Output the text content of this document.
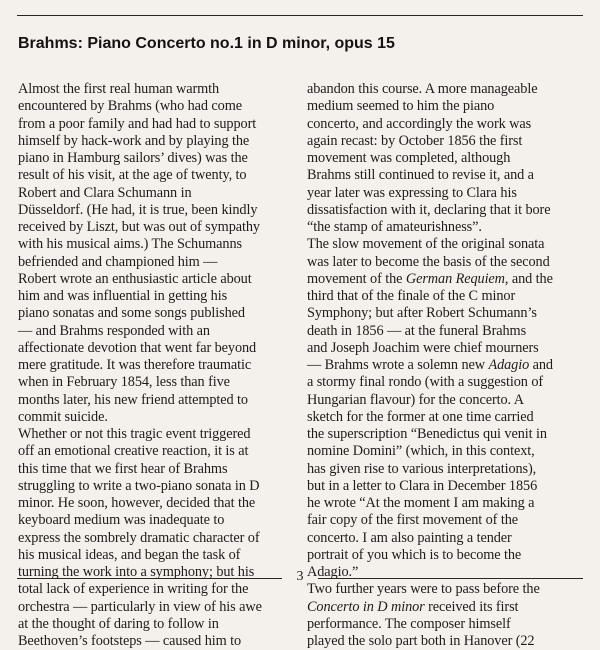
Brahms: Piano Concerto no.1 in D minor, opus 15
Almost the first real human warmth
encountered by Brahms (who had come
from a poor family and had had to support
himself by hack-work and by playing the
piano in Hamburg sailors’ dives) was the
result of his visit, at the age of twenty, to
Robert and Clara Schumann in
Düsseldorf. (He had, it is true, been kindly
received by Liszt, but was out of sympathy
with his musical aims.) The Schumanns
befriended and championed him —
Robert wrote an enthusiastic article about
him and was influential in getting his
piano sonatas and some songs published
— and Brahms responded with an
affectionate devotion that went far beyond
mere gratitude. It was therefore traumatic
when in February 1854, less than five
months later, his new friend attempted to
commit suicide.
Whether or not this tragic event triggered
off an emotional creative reaction, it is at
this time that we first hear of Brahms
struggling to write a two-piano sonata in D
minor. He soon, however, decided that the
keyboard medium was inadequate to
express the sombrely dramatic character of
his musical ideas, and began the task of
turning the work into a symphony; but his
total lack of experience in writing for the
orchestra — particularly in view of his awe
at the thought of daring to follow in
Beethoven’s footsteps — caused him to
abandon this course. A more manageable
medium seemed to him the piano
concerto, and accordingly the work was
again recast: by October 1856 the first
movement was completed, although
Brahms still continued to revise it, and a
year later was expressing to Clara his
dissatisfaction with it, declaring that it bore
“the stamp of amateurishness”.
The slow movement of the original sonata
was later to become the basis of the second
movement of the German Requiem, and the
third that of the finale of the C minor
Symphony; but after Robert Schumann’s
death in 1856 — at the funeral Brahms
and Joseph Joachim were chief mourners
— Brahms wrote a solemn new Adagio and
a stormy final rondo (with a suggestion of
Hungarian flavour) for the concerto. A
sketch for the former at one time carried
the superscription “Benedictus qui venit in
nomine Domini” (which, in this context,
has given rise to various interpretations),
but in a letter to Clara in December 1856
he wrote “At the moment I am making a
fair copy of the first movement of the
concerto. I am also painting a tender
portrait of you which is to become the
Adagio.”
Two further years were to pass before the
Concerto in D minor received its first
performance. The composer himself
played the solo part both in Hanover (22
3
